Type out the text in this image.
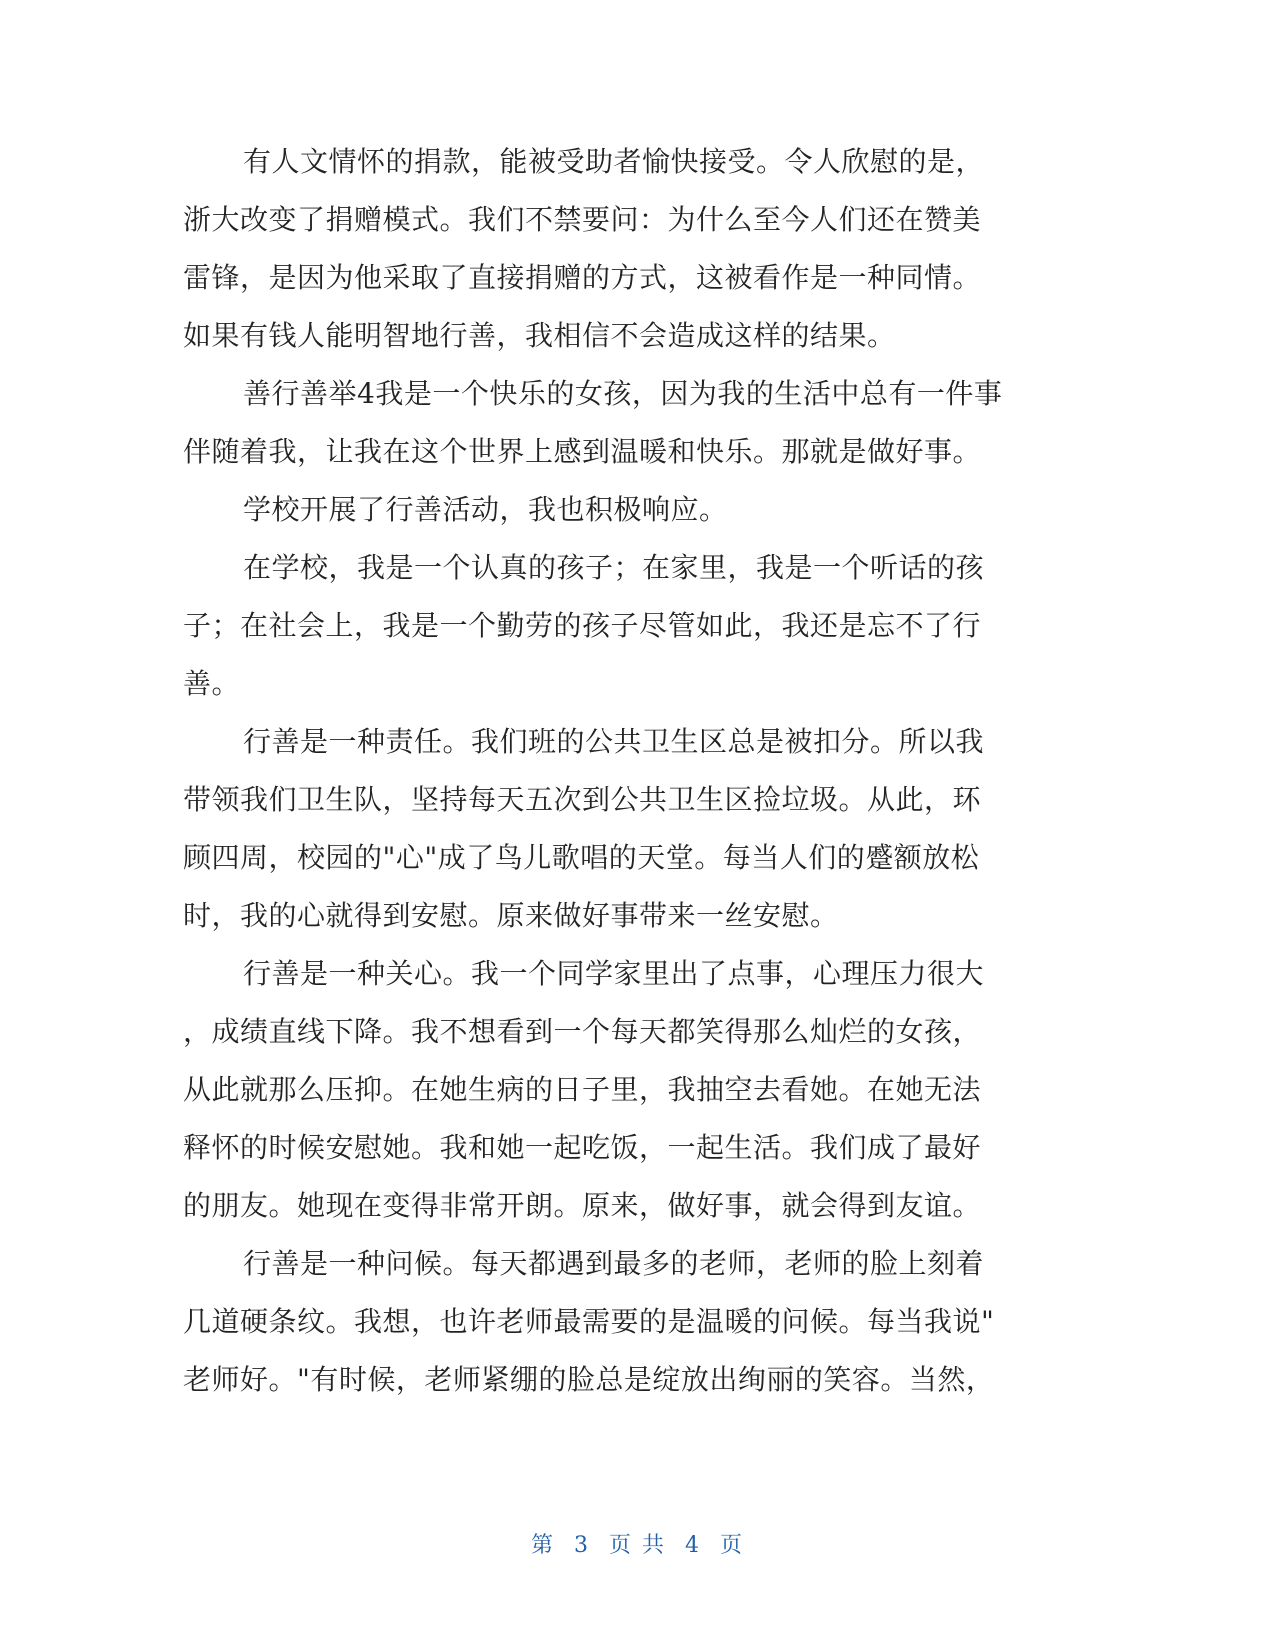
有人文情怀的捐款，能被受助者愉快接受。令人欣慰的是，
浙大改变了捐赠模式。我们不禁要问：为什么至今人们还在赞美
雷锋，是因为他采取了直接捐赠的方式，这被看作是一种同情。
如果有钱人能明智地行善，我相信不会造成这样的结果。
善行善举4我是一个快乐的女孩，因为我的生活中总有一件事
伴随着我，让我在这个世界上感到温暖和快乐。那就是做好事。
学校开展了行善活动，我也积极响应。
在学校，我是一个认真的孩子；在家里，我是一个听话的孩
子；在社会上，我是一个勤劳的孩子尽管如此，我还是忘不了行
善。
行善是一种责任。我们班的公共卫生区总是被扣分。所以我
带领我们卫生队，坚持每天五次到公共卫生区捡垃圾。从此，环
顾四周，校园的"心"成了鸟儿歌唱的天堂。每当人们的蹙额放松
时，我的心就得到安慰。原来做好事带来一丝安慰。
行善是一种关心。我一个同学家里出了点事，心理压力很大
，成绩直线下降。我不想看到一个每天都笑得那么灿烂的女孩，
从此就那么压抑。在她生病的日子里，我抽空去看她。在她无法
释怀的时候安慰她。我和她一起吃饭，一起生活。我们成了最好
的朋友。她现在变得非常开朗。原来，做好事，就会得到友谊。
行善是一种问候。每天都遇到最多的老师，老师的脸上刻着
几道硬条纹。我想，也许老师最需要的是温暖的问候。每当我说"
老师好。"有时候，老师紧绷的脸总是绽放出绚丽的笑容。当然，
第 3 页 共 4 页
